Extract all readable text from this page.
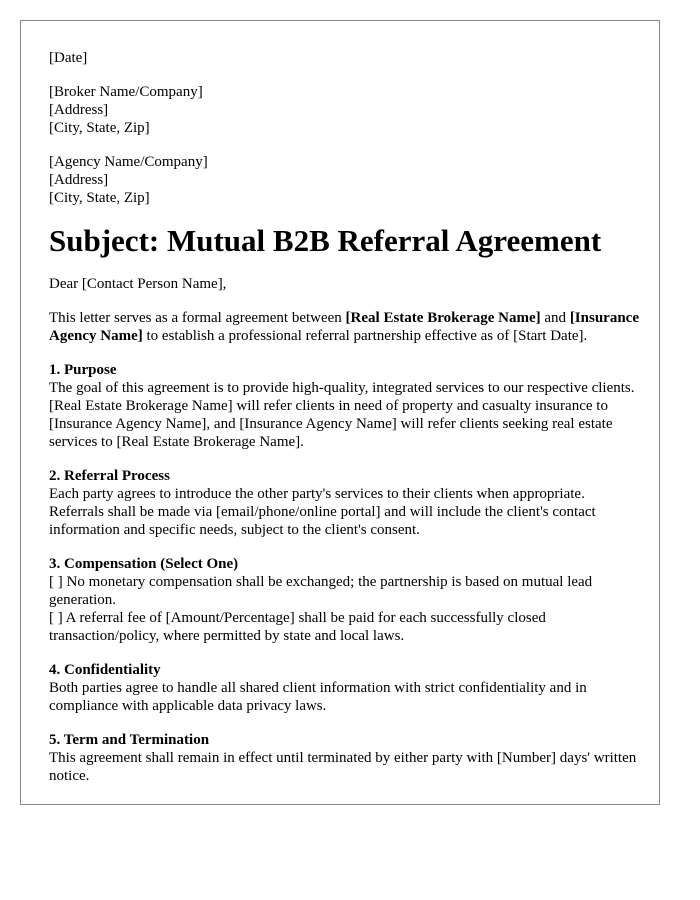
[Date]
[Broker Name/Company]
[Address]
[City, State, Zip]
[Agency Name/Company]
[Address]
[City, State, Zip]
Subject: Mutual B2B Referral Agreement
Dear [Contact Person Name],
This letter serves as a formal agreement between [Real Estate Brokerage Name] and [Insurance Agency Name] to establish a professional referral partnership effective as of [Start Date].
1. Purpose
The goal of this agreement is to provide high-quality, integrated services to our respective clients. [Real Estate Brokerage Name] will refer clients in need of property and casualty insurance to [Insurance Agency Name], and [Insurance Agency Name] will refer clients seeking real estate services to [Real Estate Brokerage Name].
2. Referral Process
Each party agrees to introduce the other party's services to their clients when appropriate. Referrals shall be made via [email/phone/online portal] and will include the client's contact information and specific needs, subject to the client's consent.
3. Compensation (Select One)
[ ] No monetary compensation shall be exchanged; the partnership is based on mutual lead generation.
[ ] A referral fee of [Amount/Percentage] shall be paid for each successfully closed transaction/policy, where permitted by state and local laws.
4. Confidentiality
Both parties agree to handle all shared client information with strict confidentiality and in compliance with applicable data privacy laws.
5. Term and Termination
This agreement shall remain in effect until terminated by either party with [Number] days' written notice.
